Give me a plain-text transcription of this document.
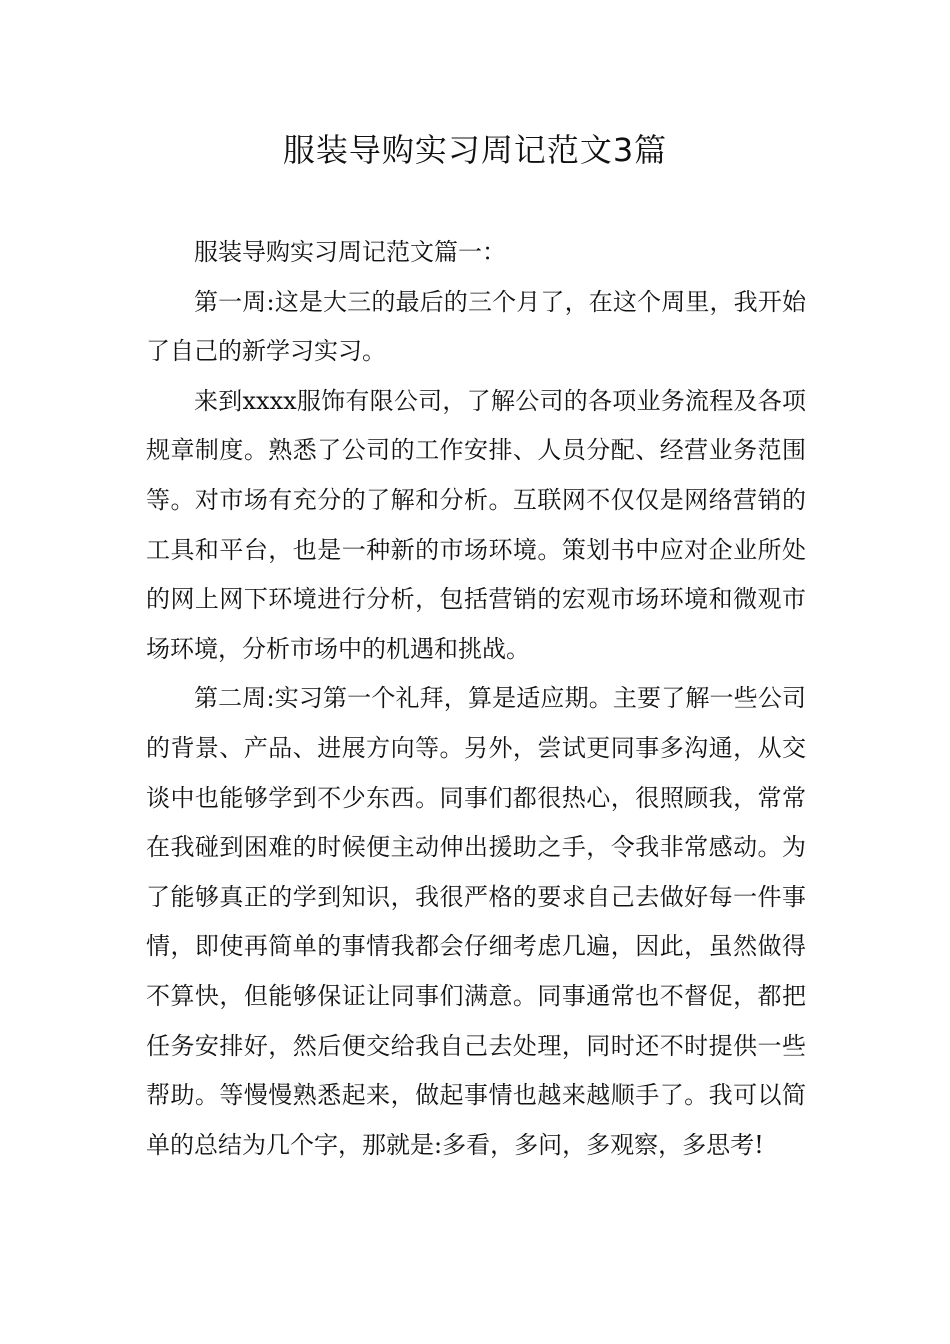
服装导购实习周记范文3篇

服装导购实习周记范文篇一：

第一周:这是大三的最后的三个月了，在这个周里，我开始了自己的新学习实习。

来到xxxx服饰有限公司，了解公司的各项业务流程及各项规章制度。熟悉了公司的工作安排、人员分配、经营业务范围等。对市场有充分的了解和分析。互联网不仅仅是网络营销的工具和平台，也是一种新的市场环境。策划书中应对企业所处的网上网下环境进行分析，包括营销的宏观市场环境和微观市场环境，分析市场中的机遇和挑战。

第二周:实习第一个礼拜，算是适应期。主要了解一些公司的背景、产品、进展方向等。另外，尝试更同事多沟通，从交谈中也能够学到不少东西。同事们都很热心，很照顾我，常常在我碰到困难的时候便主动伸出援助之手，令我非常感动。为了能够真正的学到知识，我很严格的要求自己去做好每一件事情，即使再简单的事情我都会仔细考虑几遍，因此，虽然做得不算快，但能够保证让同事们满意。同事通常也不督促，都把任务安排好，然后便交给我自己去处理，同时还不时提供一些帮助。等慢慢熟悉起来，做起事情也越来越顺手了。我可以简单的总结为几个字，那就是:多看，多问，多观察，多思考!
